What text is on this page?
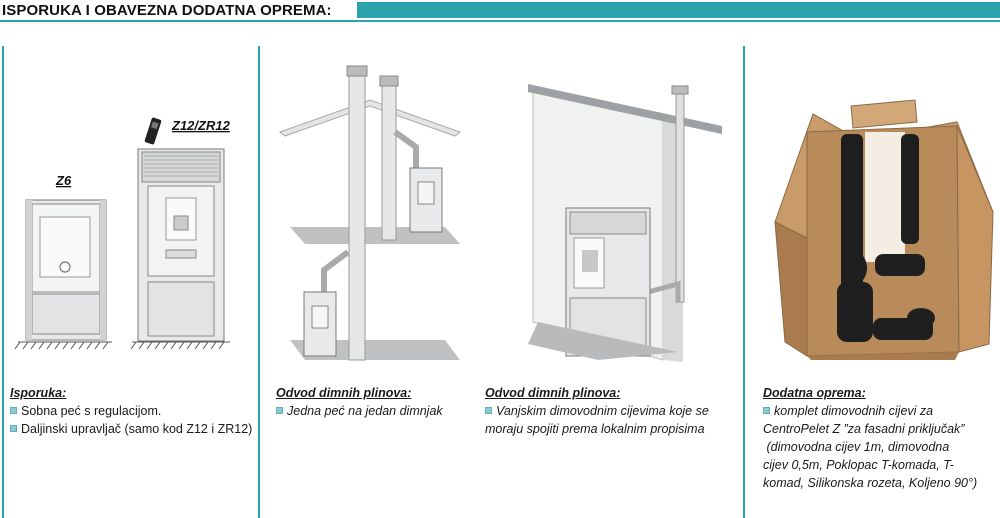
ISPORUKA I OBAVEZNA DODATNA OPREMA:
Z6
Z12/ZR12
Isporuka:
Sobna peć s regulacijom.
Daljinski upravljač (samo kod Z12 i ZR12)
Odvod dimnih plinova:
Jedna peć na jedan dimnjak
Odvod dimnih plinova:
Vanjskim dimovodnim cijevima koje se
moraju spojiti prema lokalnim propisima
Dodatna oprema:
komplet dimovodnih cijevi za
CentroPelet Z ”za fasadni priključak”
(dimovodna cijev 1m, dimovodna
cijev 0,5m, Poklopac T-komada, T-
komad, Silikonska rozeta, Koljeno 90°)
